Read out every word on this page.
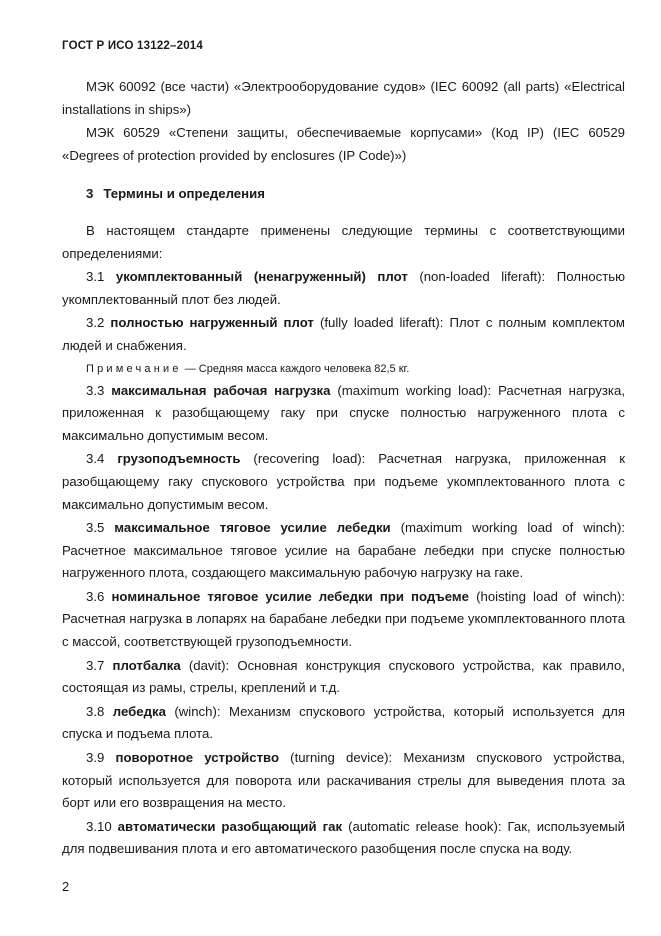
ГОСТ Р ИСО 13122–2014

МЭК 60092 (все части) «Электрооборудование судов» (IEC 60092 (all parts) «Electrical installations in ships»)

МЭК 60529 «Степени защиты, обеспечиваемые корпусами» (Код IP) (IEC 60529 «Degrees of protection provided by enclosures (IP Code)»)

3 Термины и определения

В настоящем стандарте применены следующие термины с соответствующими определениями:

3.1 укомплектованный (ненагруженный) плот (non-loaded liferaft): Полностью укомплектованный плот без людей.

3.2 полностью нагруженный плот (fully loaded liferaft): Плот с полным комплектом людей и снабжения.

Примечание — Средняя масса каждого человека 82,5 кг.

3.3 максимальная рабочая нагрузка (maximum working load): Расчетная нагрузка, приложенная к разобщающему гаку при спуске полностью нагруженного плота с максимально допустимым весом.

3.4 грузоподъемность (recovering load): Расчетная нагрузка, приложенная к разобщающему гаку спускового устройства при подъеме укомплектованного плота с максимально допустимым весом.

3.5 максимальное тяговое усилие лебедки (maximum working load of winch): Расчетное максимальное тяговое усилие на барабане лебедки при спуске полностью нагруженного плота, создающего максимальную рабочую нагрузку на гаке.

3.6 номинальное тяговое усилие лебедки при подъеме (hoisting load of winch): Расчетная нагрузка в лопарях на барабане лебедки при подъеме укомплектованного плота с массой, соответствующей грузоподъемности.

3.7 плотбалка (davit): Основная конструкция спускового устройства, как правило, состоящая из рамы, стрелы, креплений и т.д.

3.8 лебедка (winch): Механизм спускового устройства, который используется для спуска и подъема плота.

3.9 поворотное устройство (turning device): Механизм спускового устройства, который используется для поворота или раскачивания стрелы для выведения плота за борт или его возвращения на место.

3.10 автоматически разобщающий гак (automatic release hook): Гак, используемый для подвешивания плота и его автоматического разобщения после спуска на воду.

2
